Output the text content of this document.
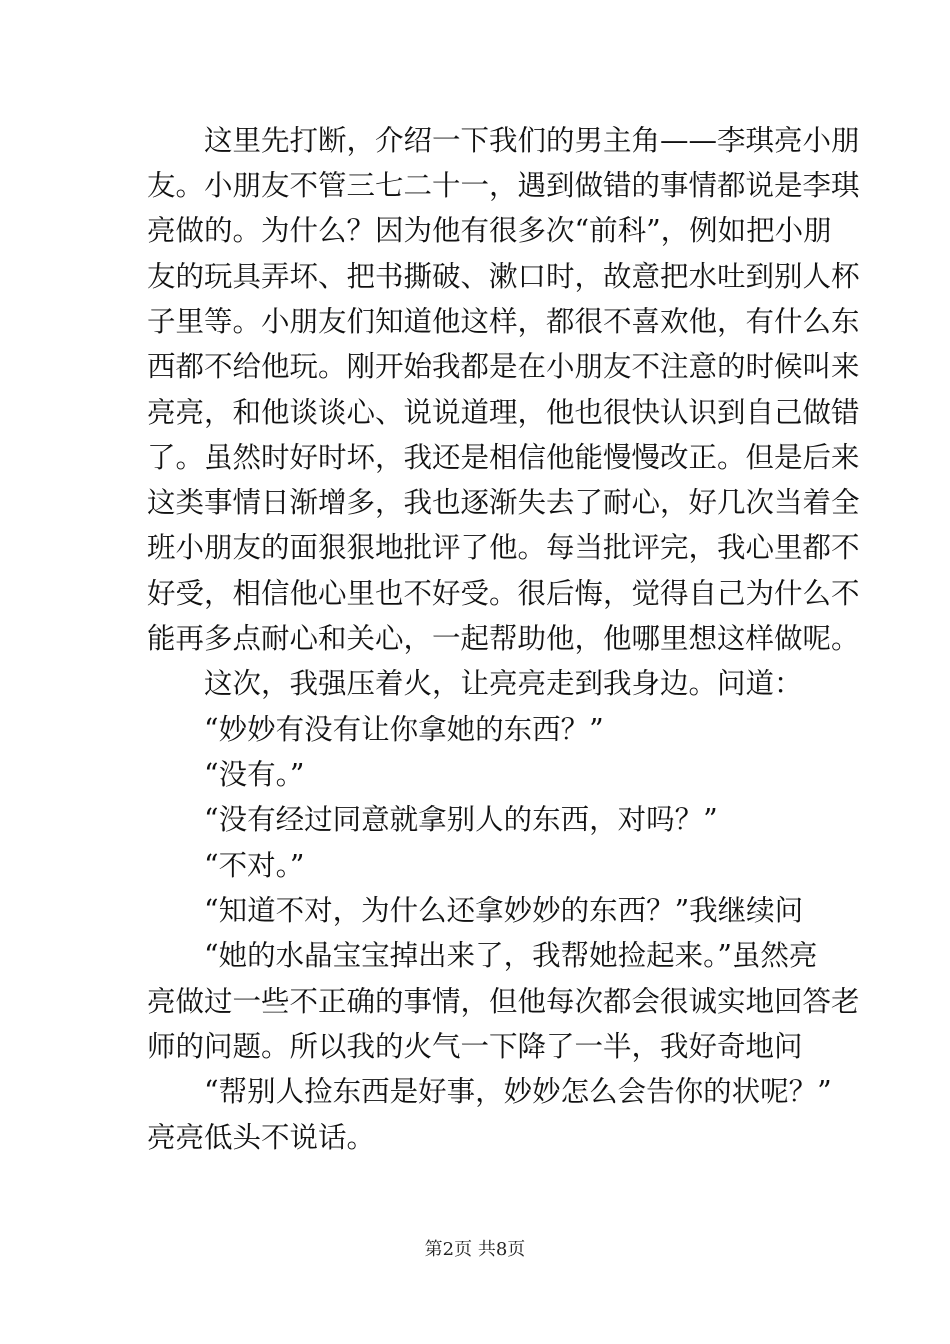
　　这里先打断，介绍一下我们的男主角——李琪亮小朋
友。小朋友不管三七二十一，遇到做错的事情都说是李琪
亮做的。为什么？因为他有很多次“前科”，例如把小朋
友的玩具弄坏、把书撕破、漱口时，故意把水吐到别人杯
子里等。小朋友们知道他这样，都很不喜欢他，有什么东
西都不给他玩。刚开始我都是在小朋友不注意的时候叫来
亮亮，和他谈谈心、说说道理，他也很快认识到自己做错
了。虽然时好时坏，我还是相信他能慢慢改正。但是后来
这类事情日渐增多，我也逐渐失去了耐心，好几次当着全
班小朋友的面狠狠地批评了他。每当批评完，我心里都不
好受，相信他心里也不好受。很后悔，觉得自己为什么不
能再多点耐心和关心，一起帮助他，他哪里想这样做呢。
　　这次，我强压着火，让亮亮走到我身边。问道：
　　“妙妙有没有让你拿她的东西？”
　　“没有。”
　　“没有经过同意就拿别人的东西，对吗？”
　　“不对。”
　　“知道不对，为什么还拿妙妙的东西？”我继续问
　　“她的水晶宝宝掉出来了，我帮她捡起来。”虽然亮
亮做过一些不正确的事情，但他每次都会很诚实地回答老
师的问题。所以我的火气一下降了一半，我好奇地问
　　“帮别人捡东西是好事，妙妙怎么会告你的状呢？”
亮亮低头不说话。
第2页 共8页
